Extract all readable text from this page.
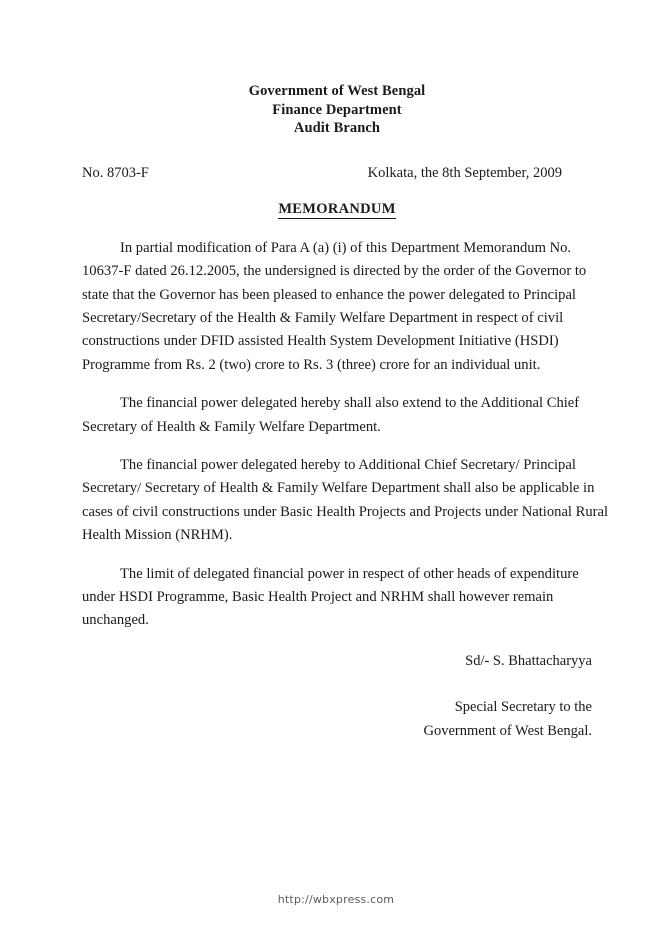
Government of West Bengal
Finance Department
Audit Branch
No. 8703-F	Kolkata, the 8th September, 2009
MEMORANDUM

In partial modification of Para A (a) (i) of this Department Memorandum No.
10637-F dated 26.12.2005, the undersigned is directed by the order of the Governor to
state that the Governor has been pleased to enhance the power delegated to Principal
Secretary/Secretary of the Health & Family Welfare Department in respect of civil
constructions under DFID assisted Health System Development Initiative (HSDI)
Programme from Rs. 2 (two) crore to Rs. 3 (three) crore for an individual unit.

The financial power delegated hereby shall also extend to the Additional Chief
Secretary of Health & Family Welfare Department.

The financial power delegated hereby to Additional Chief Secretary/ Principal
Secretary/ Secretary of Health & Family Welfare Department shall also be applicable in
cases of civil constructions under Basic Health Projects and Projects under National Rural
Health Mission (NRHM).

The limit of delegated financial power in respect of other heads of expenditure
under HSDI Programme, Basic Health Project and NRHM shall however remain
unchanged.

Sd/- S. Bhattacharyya
Special Secretary to the
Government of West Bengal.
http://wbxpress.com
